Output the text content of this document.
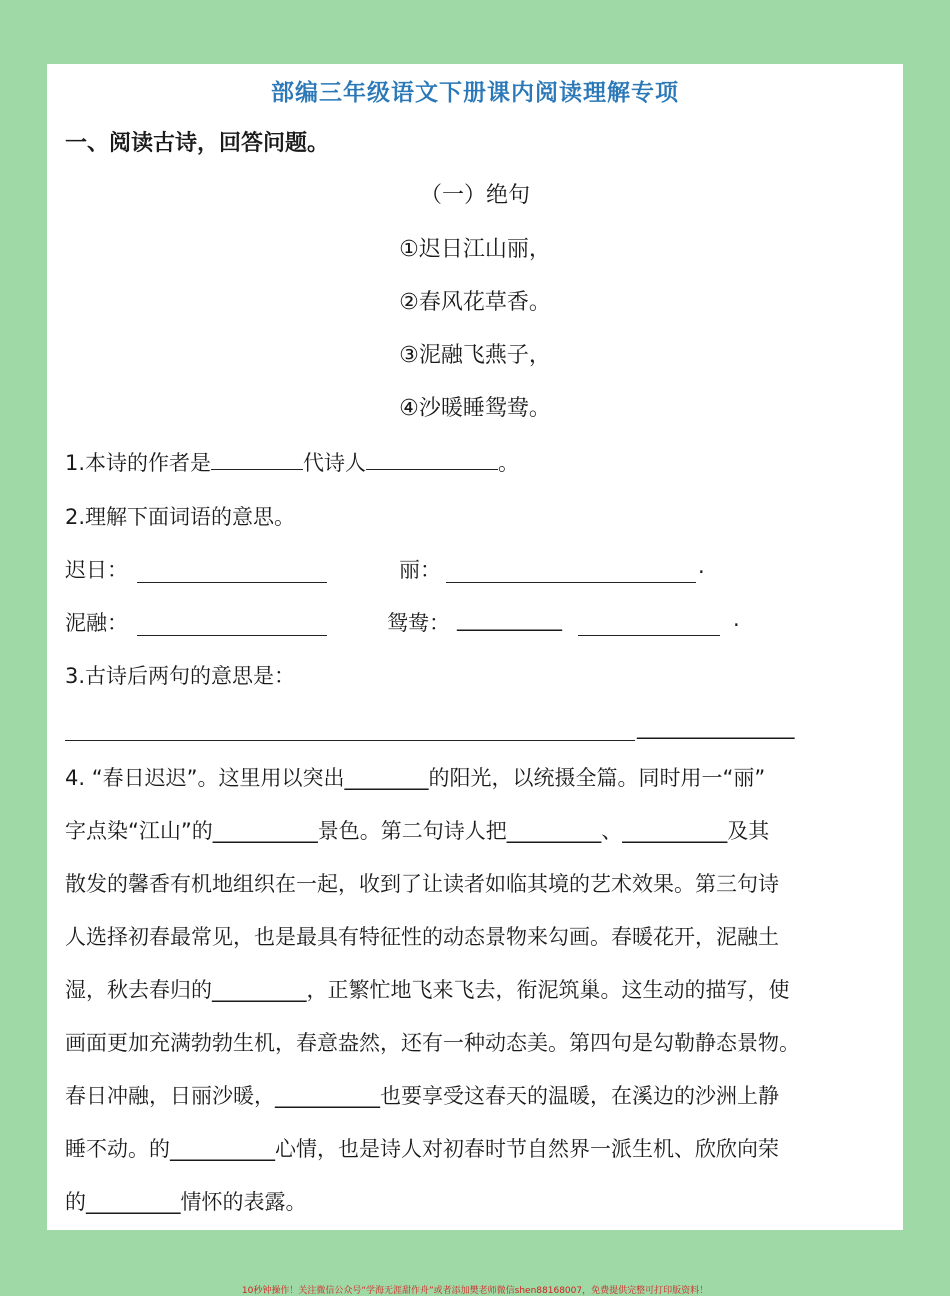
部编三年级语文下册课内阅读理解专项
一、阅读古诗，回答问题。
（一）绝句
①迟日江山丽，
②春风花草香。
③泥融飞燕子，
④沙暖睡鸳鸯。
1.本诗的作者是	代诗人	。
2.理解下面词语的意思。
迟日：	丽：	.
泥融：	鸳鸯： __________	.
3.古诗后两句的意思是：
_______________
4. “春日迟迟”。这里用以突出________的阳光，以统摄全篇。同时用一“丽”
字点染“江山”的__________景色。第二句诗人把_________、__________及其
散发的馨香有机地组织在一起，收到了让读者如临其境的艺术效果。第三句诗
人选择初春最常见，也是最具有特征性的动态景物来勾画。春暖花开，泥融土
湿，秋去春归的_________，正繁忙地飞来飞去，衔泥筑巢。这生动的描写，使
画面更加充满勃勃生机，春意盎然，还有一种动态美。第四句是勾勒静态景物。
春日冲融，日丽沙暖，__________也要享受这春天的温暖，在溪边的沙洲上静
睡不动。的__________心情，也是诗人对初春时节自然界一派生机、欣欣向荣
的_________情怀的表露。
10秒钟操作！关注微信公众号“学海无涯甜作舟”或者添加樊老师微信shen88168007，免费提供完整可打印版资料！
